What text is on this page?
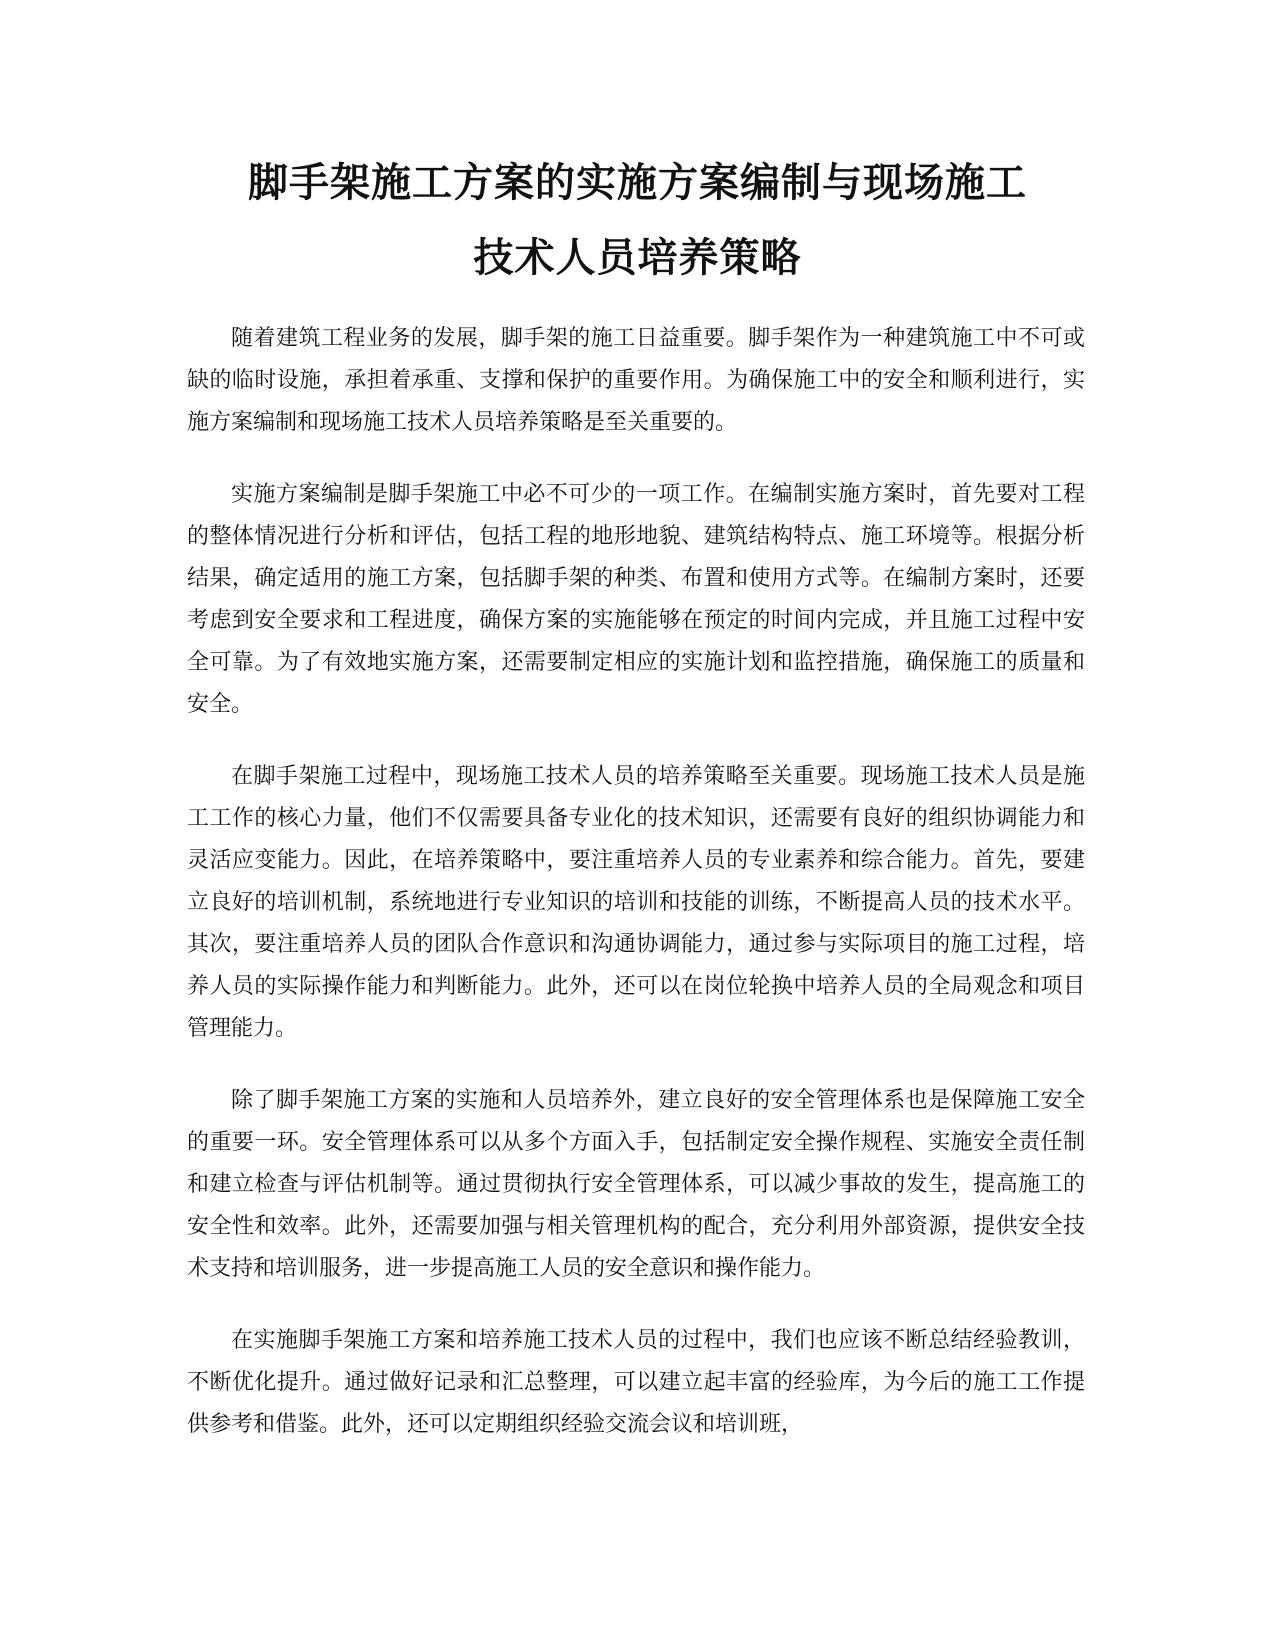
脚手架施工方案的实施方案编制与现场施工
技术人员培养策略

随着建筑工程业务的发展，脚手架的施工日益重要。脚手架作为一种建筑施工中不可或缺的临时设施，承担着承重、支撑和保护的重要作用。为确保施工中的安全和顺利进行，实施方案编制和现场施工技术人员培养策略是至关重要的。

实施方案编制是脚手架施工中必不可少的一项工作。在编制实施方案时，首先要对工程的整体情况进行分析和评估，包括工程的地形地貌、建筑结构特点、施工环境等。根据分析结果，确定适用的施工方案，包括脚手架的种类、布置和使用方式等。在编制方案时，还要考虑到安全要求和工程进度，确保方案的实施能够在预定的时间内完成，并且施工过程中安全可靠。为了有效地实施方案，还需要制定相应的实施计划和监控措施，确保施工的质量和安全。

在脚手架施工过程中，现场施工技术人员的培养策略至关重要。现场施工技术人员是施工工作的核心力量，他们不仅需要具备专业化的技术知识，还需要有良好的组织协调能力和灵活应变能力。因此，在培养策略中，要注重培养人员的专业素养和综合能力。首先，要建立良好的培训机制，系统地进行专业知识的培训和技能的训练，不断提高人员的技术水平。其次，要注重培养人员的团队合作意识和沟通协调能力，通过参与实际项目的施工过程，培养人员的实际操作能力和判断能力。此外，还可以在岗位轮换中培养人员的全局观念和项目管理能力。

除了脚手架施工方案的实施和人员培养外，建立良好的安全管理体系也是保障施工安全的重要一环。安全管理体系可以从多个方面入手，包括制定安全操作规程、实施安全责任制和建立检查与评估机制等。通过贯彻执行安全管理体系，可以减少事故的发生，提高施工的安全性和效率。此外，还需要加强与相关管理机构的配合，充分利用外部资源，提供安全技术支持和培训服务，进一步提高施工人员的安全意识和操作能力。

在实施脚手架施工方案和培养施工技术人员的过程中，我们也应该不断总结经验教训，不断优化提升。通过做好记录和汇总整理，可以建立起丰富的经验库，为今后的施工工作提供参考和借鉴。此外，还可以定期组织经验交流会议和培训班，
